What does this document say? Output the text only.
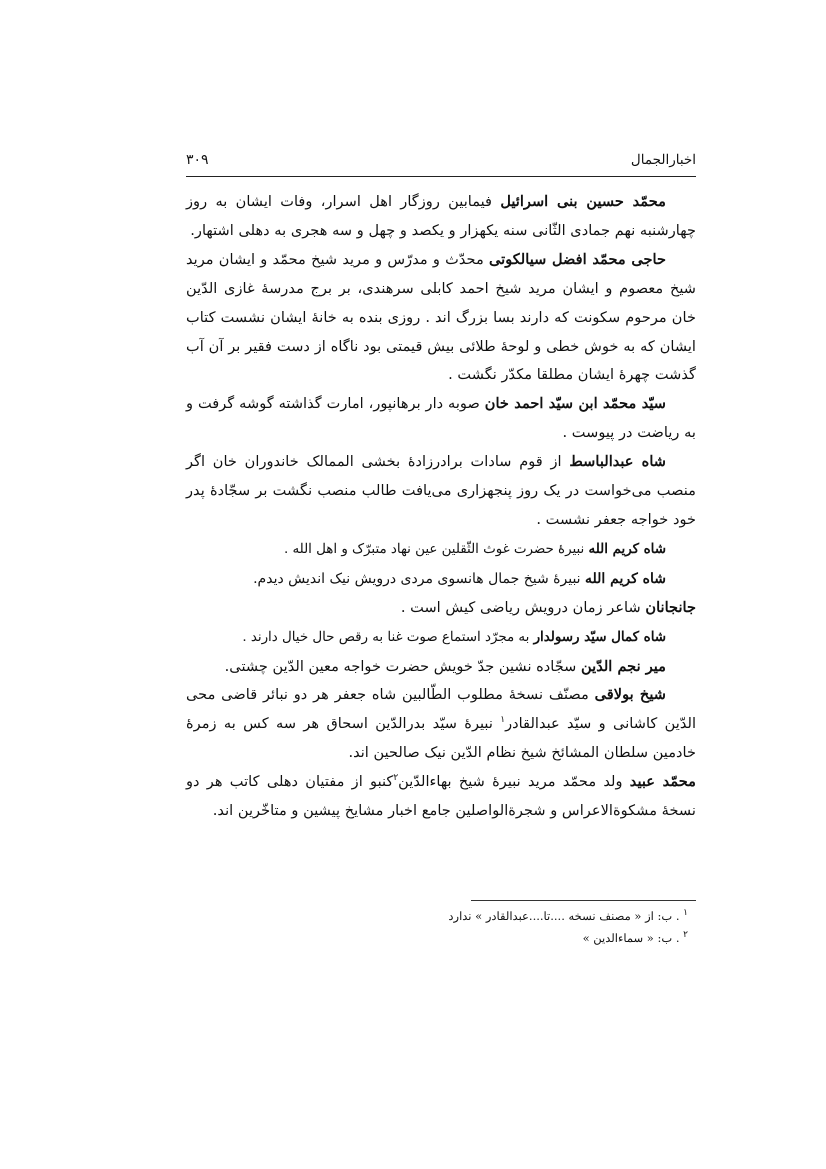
اخبارالجمال
۳۰۹

محمّد حسین بنی اسرائیل فیمابین روزگار اهل اسرار، وفات ایشان به روز چهارشنبه نهم جمادی الثّانی سنه یکهزار و یکصد و چهل و سه هجری به دهلی اشتهار.

حاجی محمّد افضل سیالکوتی محدّث و مدرّس و مرید شیخ محمّد و ایشان مرید شیخ معصوم و ایشان مرید شیخ احمد کابلی سرهندی، بر برج مدرسهٔ غازی الدّین خان مرحوم سکونت که دارند بسا بزرگ اند . روزی بنده به خانهٔ ایشان نشست کتاب ایشان که به خوش خطی و لوحهٔ طلائی بیش قیمتی بود ناگاه از دست فقیر بر آن آب گذشت چهرهٔ ایشان مطلقا مکدّر نگشت .

سیّد محمّد ابن سیّد احمد خان صوبه دار برهانپور، امارت گذاشته گوشه گرفت و به ریاضت در پیوست .

شاه عبدالباسط از قوم سادات برادرزادهٔ بخشی الممالک خاندوران خان اگر منصب می‌خواست در یک روز پنجهزاری می‌یافت طالب منصب نگشت بر سجّادهٔ پدر خود خواجه جعفر نشست .

شاه کریم الله نبیرهٔ حضرت غوث الثّقلین عین نهاد متبرّک و اهل الله .

شاه کریم الله نبیرهٔ شیخ جمال هانسوی مردی درویش نیک اندیش دیدم.

جانجانان شاعر زمان درویش ریاضی کیش است .

شاه کمال سیّد رسولدار به مجرّد استماع صوت غنا به رقص حال خیال دارند .

میر نجم الدّین سجّاده نشین جدّ خویش حضرت خواجه معین الدّین چشتی.

شیخ بولاقی مصنّف نسخهٔ مطلوب الطّالبین شاه جعفر هر دو نبائر قاضی محی الدّین کاشانی و سیّد عبدالقادر$^۱$ نبیرهٔ سیّد بدرالدّین اسحاق هر سه کس به زمرهٔ خادمین سلطان المشائخ شیخ نظام الدّین نیک صالحین اند.

محمّد عبید ولد محمّد مرید نبیرهٔ شیخ بهاءالدّین$^۲$کنبو از مفتیان دهلی کاتب هر دو نسخهٔ مشکوةالاعراس و شجرةالواصلین جامع اخبار مشایخ پیشین و متاخّرین اند.

$^۱$ . ب: از « مصنف نسخه ....تا....عبدالقادر » ندارد

$^۲$ . ب: « سماءالدین »
